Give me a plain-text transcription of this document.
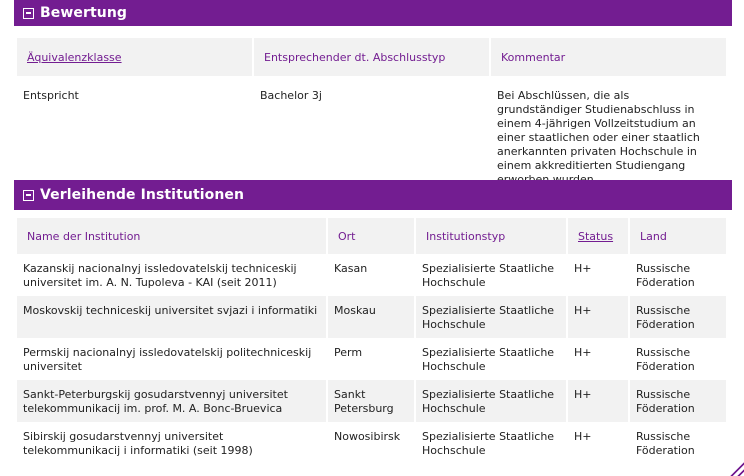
Bewertung
Äquivalenzklasse	Entsprechender dt. Abschlusstyp	Kommentar
Entspricht	Bachelor 3j	Bei Abschlüssen, die als grundständiger Studienabschluss in einem 4-jährigen Vollzeitstudium an einer staatlichen oder einer staatlich anerkannten privaten Hochschule in einem akkreditierten Studiengang
Verleihende Institutionen
Name der Institution	Ort	Institutionstyp	Status	Land
Kazanskij nacionalnyj issledovatelskij techniceskij universitet im. A. N. Tupoleva - KAI (seit 2011)	Kasan	Spezialisierte Staatliche Hochschule	H+	Russische Föderation
Moskovskij techniceskij universitet svjazi i informatiki	Moskau	Spezialisierte Staatliche Hochschule	H+	Russische Föderation
Permskij nacionalnyj issledovatelskij politechniceskij universitet	Perm	Spezialisierte Staatliche Hochschule	H+	Russische Föderation
Sankt-Peterburgskij gosudarstvennyj universitet telekommunikacij im. prof. M. A. Bonc-Bruevica	Sankt Petersburg	Spezialisierte Staatliche Hochschule	H+	Russische Föderation
Sibirskij gosudarstvennyj universitet telekommunikacij i informatiki (seit 1998)	Nowosibirsk	Spezialisierte Staatliche Hochschule	H+	Russische Föderation
